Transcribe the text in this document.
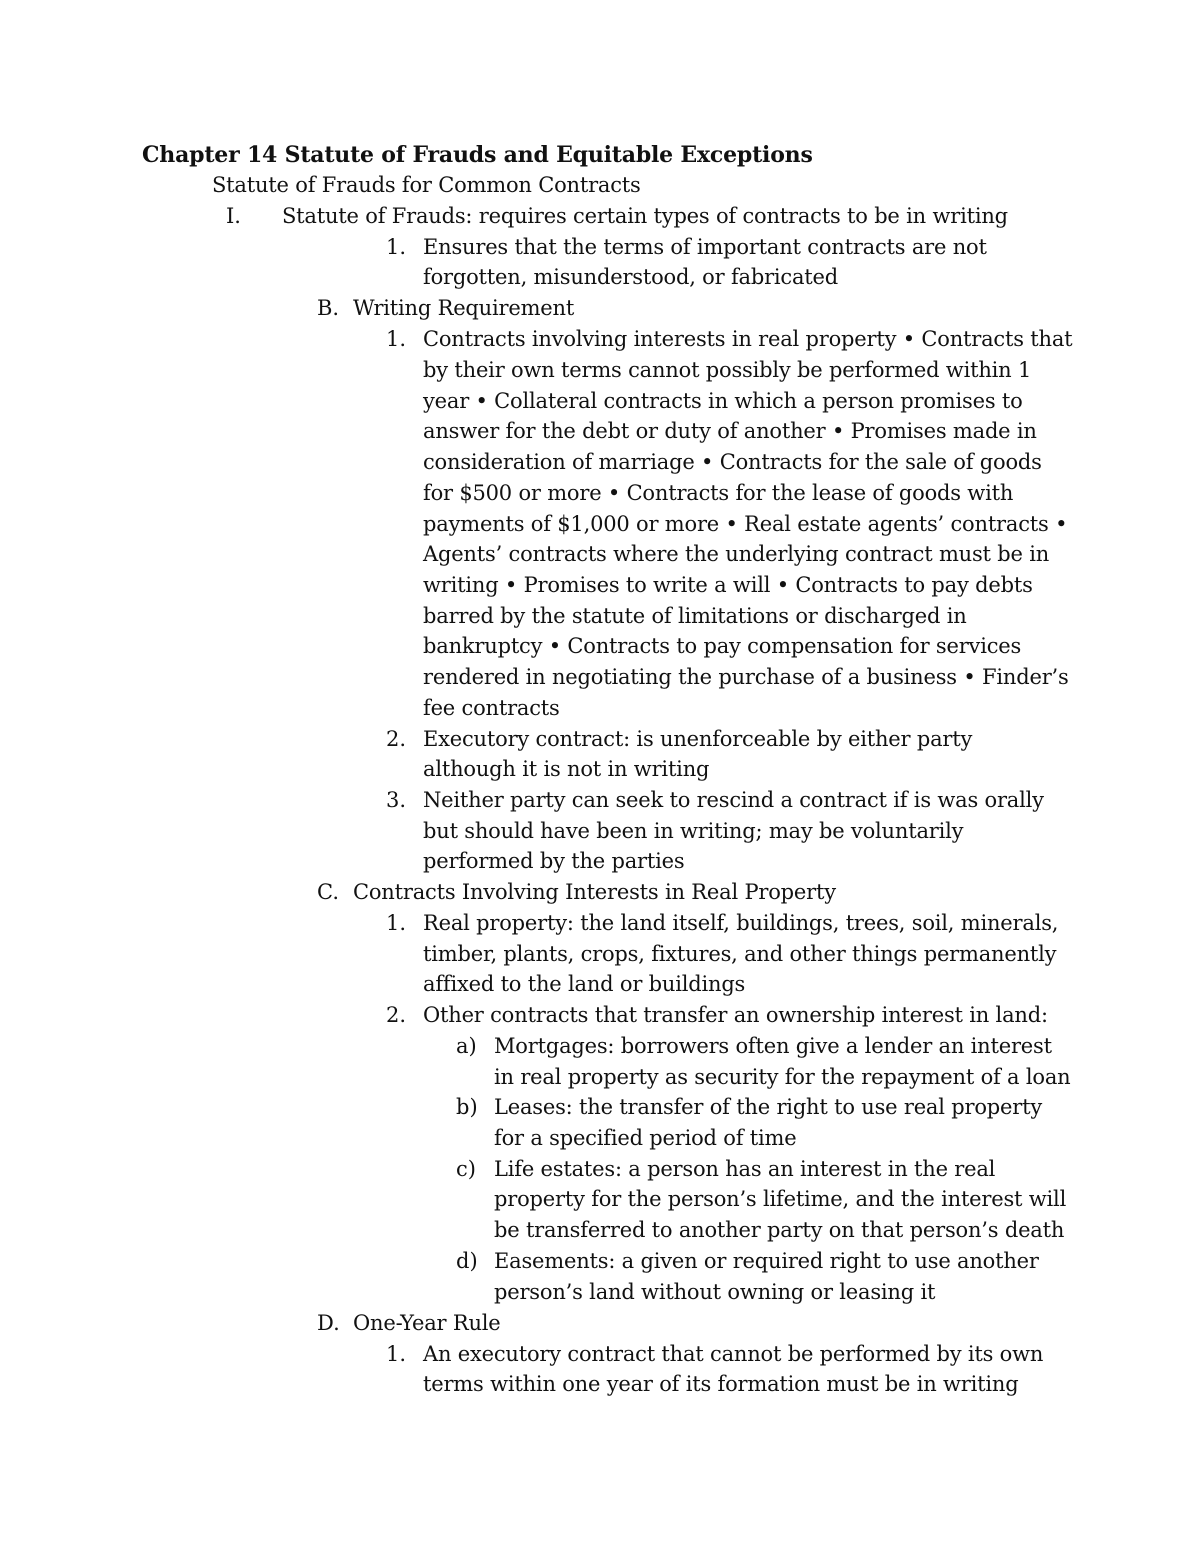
Chapter 14 Statute of Frauds and Equitable Exceptions
Statute of Frauds for Common Contracts
I.	Statute of Frauds: requires certain types of contracts to be in writing
1. Ensures that the terms of important contracts are not
forgotten, misunderstood, or fabricated
B. Writing Requirement
1. Contracts involving interests in real property • Contracts that
by their own terms cannot possibly be performed within 1
year • Collateral contracts in which a person promises to
answer for the debt or duty of another • Promises made in
consideration of marriage • Contracts for the sale of goods
for $500 or more • Contracts for the lease of goods with
payments of $1,000 or more • Real estate agents’ contracts •
Agents’ contracts where the underlying contract must be in
writing • Promises to write a will • Contracts to pay debts
barred by the statute of limitations or discharged in
bankruptcy • Contracts to pay compensation for services
rendered in negotiating the purchase of a business • Finder’s
fee contracts
2. Executory contract: is unenforceable by either party
although it is not in writing
3. Neither party can seek to rescind a contract if is was orally
but should have been in writing; may be voluntarily
performed by the parties
C. Contracts Involving Interests in Real Property
1. Real property: the land itself, buildings, trees, soil, minerals,
timber, plants, crops, fixtures, and other things permanently
affixed to the land or buildings
2. Other contracts that transfer an ownership interest in land:
a) Mortgages: borrowers often give a lender an interest
in real property as security for the repayment of a loan
b) Leases: the transfer of the right to use real property
for a specified period of time
c) Life estates: a person has an interest in the real
property for the person’s lifetime, and the interest will
be transferred to another party on that person’s death
d) Easements: a given or required right to use another
person’s land without owning or leasing it
D. One-Year Rule
1. An executory contract that cannot be performed by its own
terms within one year of its formation must be in writing
